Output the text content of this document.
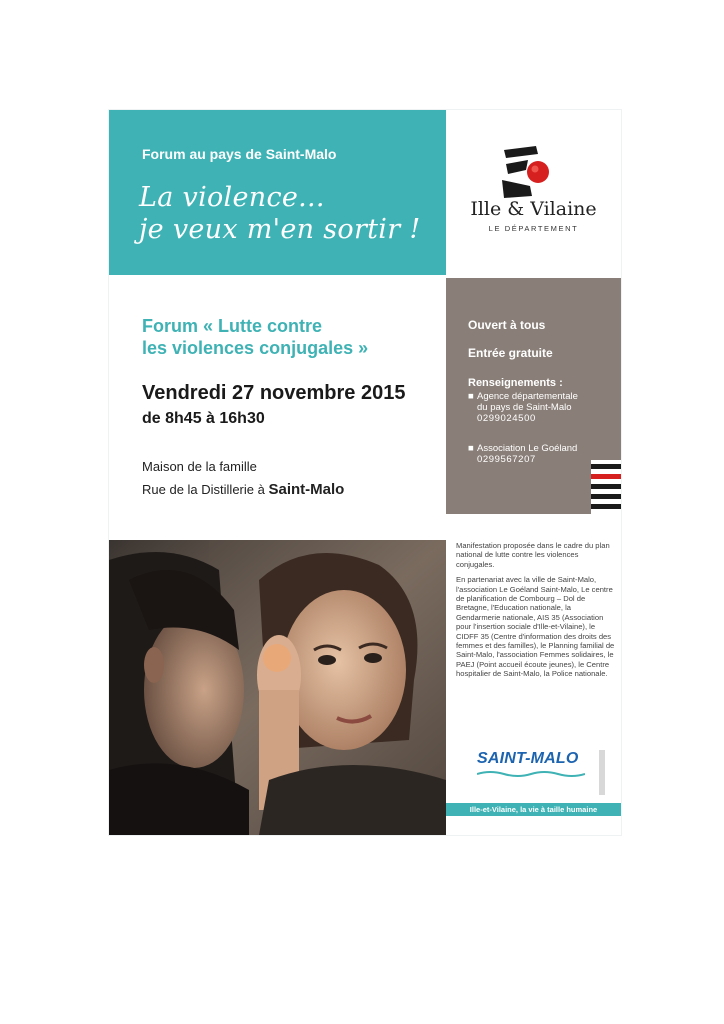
Forum au pays de Saint-Malo
La violence...
je veux m'en sortir !
Ille & Vilaine
LE DÉPARTEMENT
Forum « Lutte contre
les violences conjugales »
Vendredi 27 novembre 2015
de 8h45 à 16h30
Maison de la famille
Rue de la Distillerie à Saint-Malo
Ouvert à tous
Entrée gratuite
Renseignements :
■ Agence départementale
du pays de Saint-Malo
0299024500
■ Association Le Goéland
0299567207

Manifestation proposée dans le cadre du plan national de lutte contre les violences conjugales.

En partenariat avec la ville de Saint-Malo, l'association Le Goéland Saint-Malo, Le centre de planification de Combourg – Dol de Bretagne, l'Education nationale, la Gendarmerie nationale, AIS 35 (Association pour l'insertion sociale d'Ille-et-Vilaine), le CIDFF 35 (Centre d'information des droits des femmes et des familles), le Planning familial de Saint-Malo, l'association Femmes solidaires, le PAEJ (Point accueil écoute jeunes), le Centre hospitalier de Saint-Malo, la Police nationale.

SAINT-MALO
Ille-et-Vilaine, la vie à taille humaine
